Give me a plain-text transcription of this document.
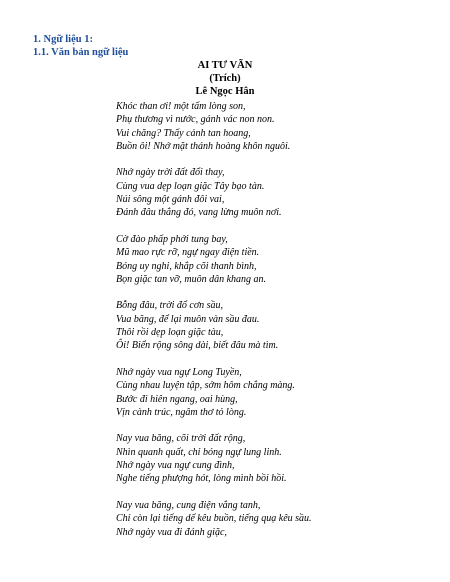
1. Ngữ liệu 1:
1.1. Văn bản ngữ liệu
AI TƯ VÃN
(Trích)
Lê Ngọc Hân
Khóc than ơi! một tấm lòng son,
Phụ thương vì nước, gánh vác non non.
Vui chăng? Thấy cảnh tan hoang,
Buồn ôi! Nhớ mặt thánh hoàng khôn nguôi.
Nhớ ngày trời đất đổi thay,
Cùng vua dẹp loạn giặc Tây bạo tàn.
Núi sông một gánh đôi vai,
Đánh đâu thắng đó, vang lừng muôn nơi.
Cờ đào phấp phới tung bay,
Mũ mao rực rỡ, ngự ngay điện tiền.
Bóng uy nghi, khắp cõi thanh bình,
Bọn giặc tan vỡ, muôn dân khang an.
Bỗng đâu, trời đổ cơn sầu,
Vua băng, để lại muôn vàn sầu đau.
Thôi rồi dẹp loạn giặc tàu,
Ôi! Biển rộng sông dài, biết đâu mà tìm.
Nhớ ngày vua ngự Long Tuyền,
Cùng nhau luyện tập, sớm hôm chẳng màng.
Bước đi hiên ngang, oai hùng,
Vịn cành trúc, ngâm thơ tỏ lòng.
Nay vua băng, cõi trời đất rộng,
Nhìn quanh quất, chỉ bóng ngự lung linh.
Nhớ ngày vua ngự cung đình,
Nghe tiếng phượng hót, lòng mình bồi hồi.
Nay vua băng, cung điện vắng tanh,
Chỉ còn lại tiếng dế kêu buồn, tiếng quạ kêu sầu.
Nhớ ngày vua đi đánh giặc,
